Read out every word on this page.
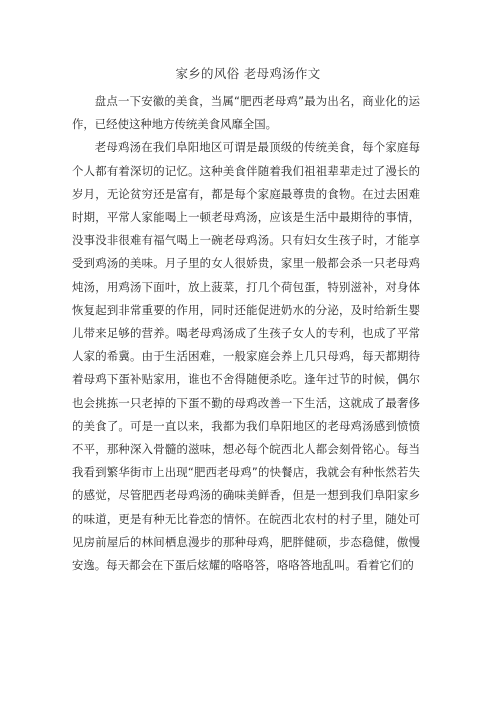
家乡的风俗 老母鸡汤作文

盘点一下安徽的美食，当属“肥西老母鸡”最为出名，商业化的运作，已经使这种地方传统美食风靡全国。

老母鸡汤在我们阜阳地区可谓是最顶级的传统美食，每个家庭每个人都有着深切的记忆。这种美食伴随着我们祖祖辈辈走过了漫长的岁月，无论贫穷还是富有，都是每个家庭最尊贵的食物。在过去困难时期，平常人家能喝上一顿老母鸡汤，应该是生活中最期待的事情，没事没非很难有福气喝上一碗老母鸡汤。只有妇女生孩子时，才能享受到鸡汤的美味。月子里的女人很娇贵，家里一般都会杀一只老母鸡炖汤，用鸡汤下面叶，放上菠菜，打几个荷包蛋，特别滋补，对身体恢复起到非常重要的作用，同时还能促进奶水的分泌，及时给新生婴儿带来足够的营养。喝老母鸡汤成了生孩子女人的专利，也成了平常人家的希冀。由于生活困难，一般家庭会养上几只母鸡，每天都期待着母鸡下蛋补贴家用，谁也不舍得随便杀吃。逢年过节的时候，偶尔也会挑拣一只老掉的下蛋不勤的母鸡改善一下生活，这就成了最奢侈的美食了。可是一直以来，我都为我们阜阳地区的老母鸡汤感到愤愤不平，那种深入骨髓的滋味，想必每个皖西北人都会刻骨铭心。每当我看到繁华街市上出现“肥西老母鸡”的快餐店，我就会有种怅然若失的感觉，尽管肥西老母鸡汤的确味美鲜香，但是一想到我们阜阳家乡的味道，更是有种无比眷恋的情怀。在皖西北农村的村子里，随处可见房前屋后的林间栖息漫步的那种母鸡，肥胖健硕，步态稳健，傲慢安逸。每天都会在下蛋后炫耀的咯咯答，咯咯答地乱叫。看着它们的
